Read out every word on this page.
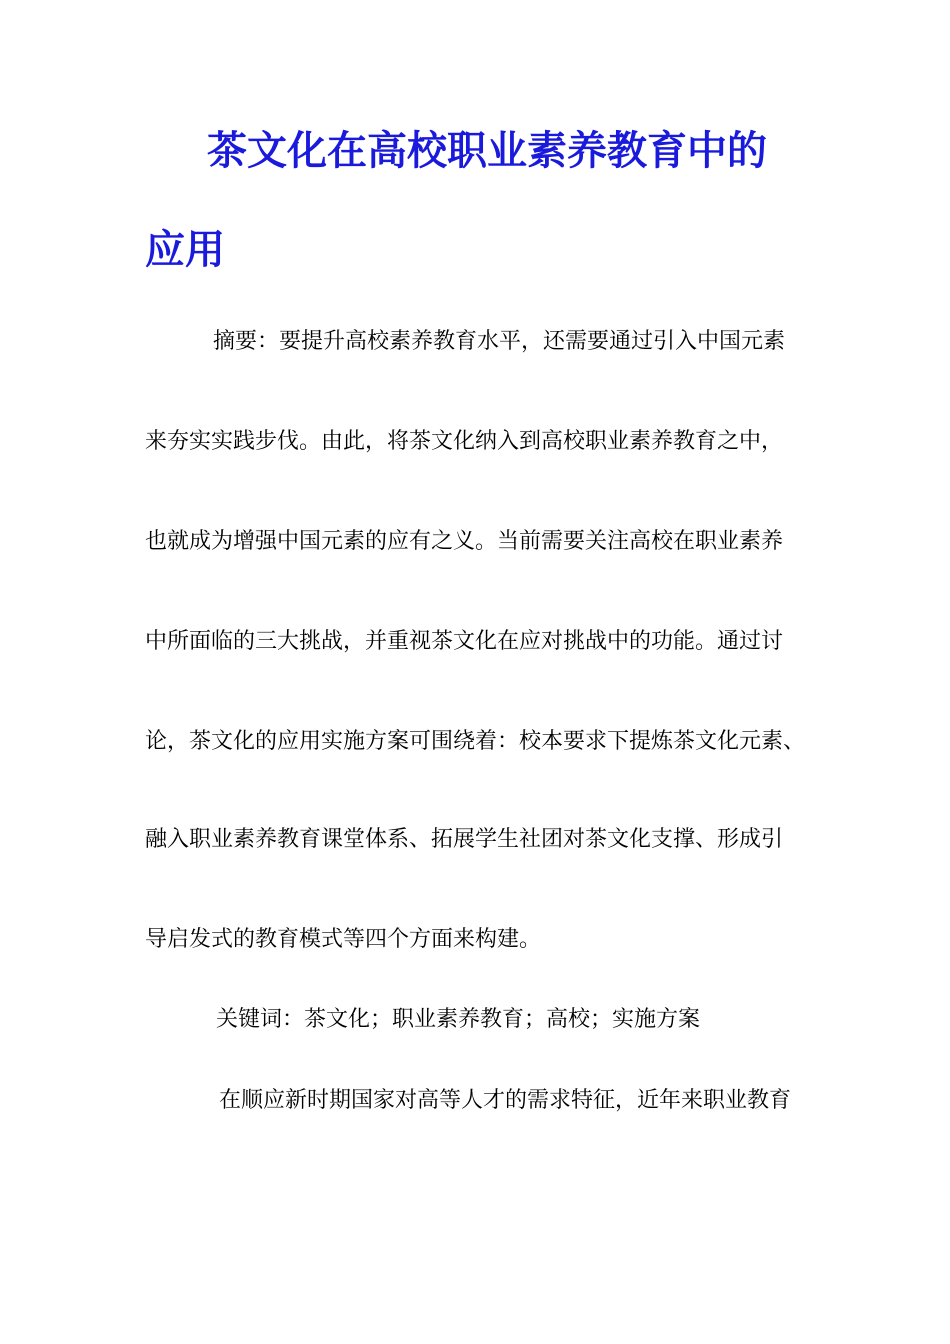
茶文化在高校职业素养教育中的
应用
摘要：要提升高校素养教育水平，还需要通过引入中国元素
来夯实实践步伐。由此，将茶文化纳入到高校职业素养教育之中，
也就成为增强中国元素的应有之义。当前需要关注高校在职业素养
中所面临的三大挑战，并重视茶文化在应对挑战中的功能。通过讨
论，茶文化的应用实施方案可围绕着：校本要求下提炼茶文化元素、
融入职业素养教育课堂体系、拓展学生社团对茶文化支撑、形成引
导启发式的教育模式等四个方面来构建。
关键词：茶文化；职业素养教育；高校；实施方案
在顺应新时期国家对高等人才的需求特征，近年来职业教育
